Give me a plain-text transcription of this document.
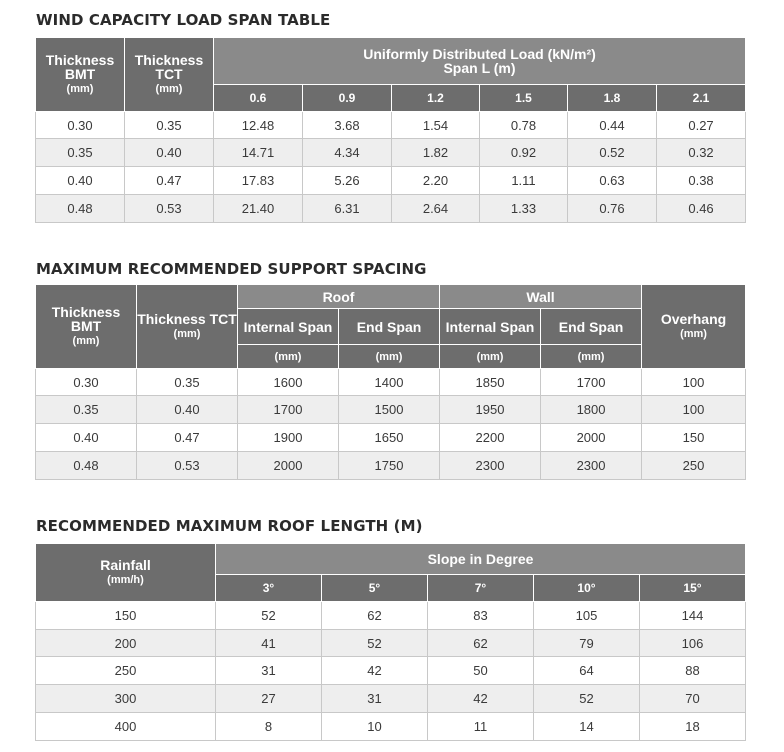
WIND CAPACITY LOAD SPAN TABLE
Thickness BMT
(mm)	Thickness TCT
(mm)	Uniformly Distributed Load (kN/m²)
Span L (m)					

		0.6	0.9	1.2	1.5	1.8	2.1
0.30	0.35	12.48	3.68	1.54	0.78	0.44	0.27
0.35	0.40	14.71	4.34	1.82	0.92	0.52	0.32
0.40	0.47	17.83	5.26	2.20	1.11	0.63	0.38
0.48	0.53	21.40	6.31	2.64	1.33	0.76	0.46
MAXIMUM RECOMMENDED SUPPORT SPACING
Thickness BMT
(mm)	Thickness TCT
(mm)	Roof		Wall		Overhang
(mm)

		Internal Span	End Span	Internal Span	End Span	

		(mm)	(mm)	(mm)	(mm)	
0.30	0.35	1600	1400	1850	1700	100
0.35	0.40	1700	1500	1950	1800	100
0.40	0.47	1900	1650	2200	2000	150
0.48	0.53	2000	1750	2300	2300	250
RECOMMENDED MAXIMUM ROOF LENGTH (M)
Rainfall
(mm/h)	Slope in Degree				
	3°	5°	7°	10°	15°
150	52	62	83	105	144
200	41	52	62	79	106
250	31	42	50	64	88
300	27	31	42	52	70
400	8	10	11	14	18
